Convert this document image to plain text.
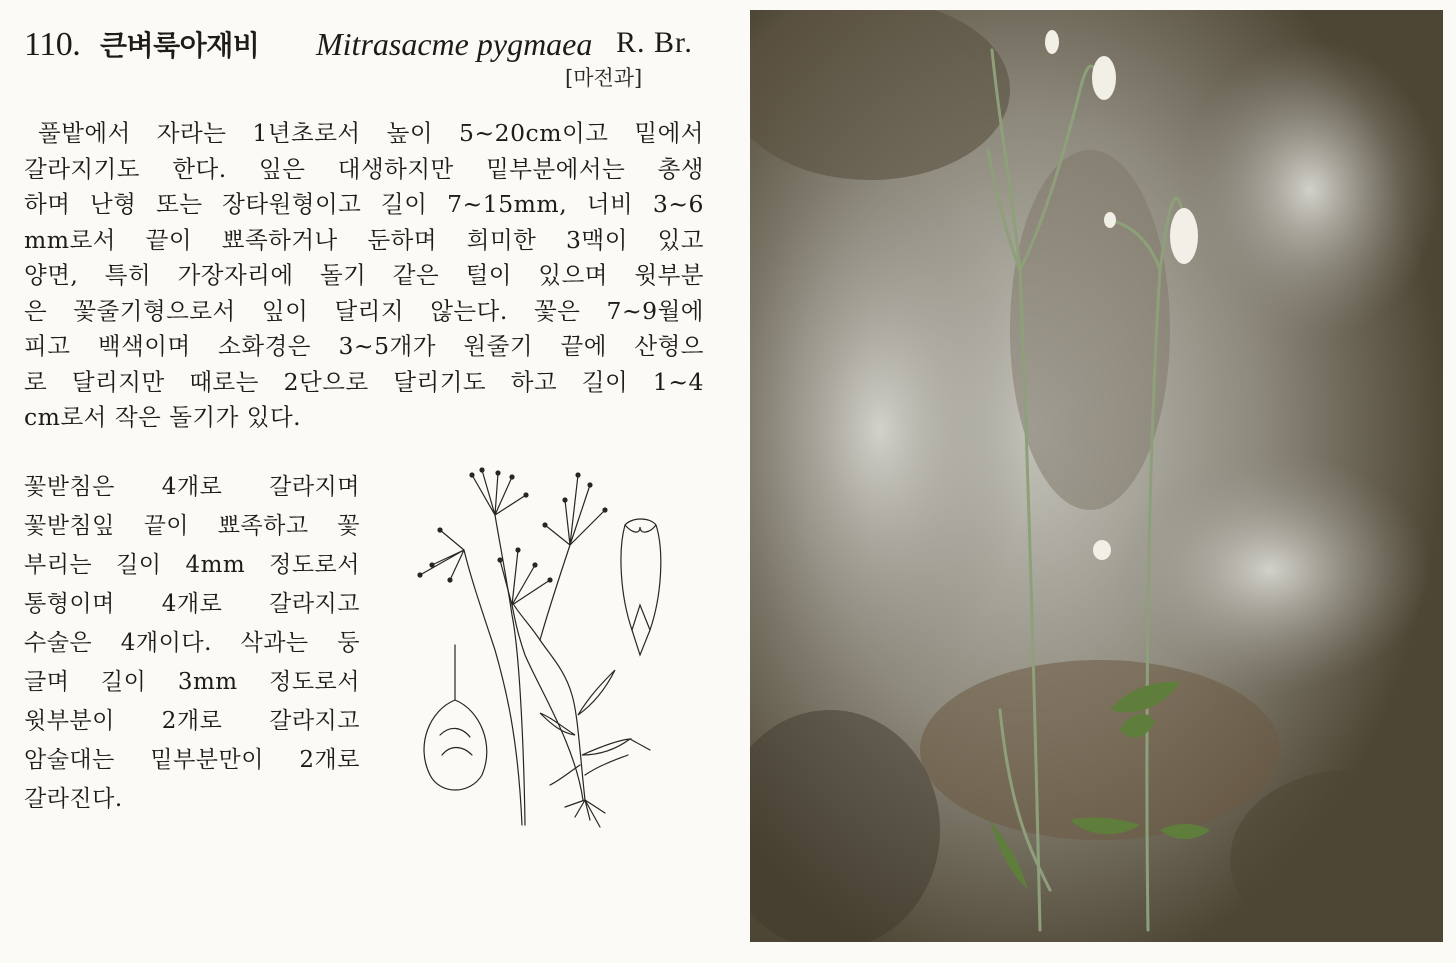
110. 큰벼룩아재비 Mitrasacme pygmaea R. Br.
[마전과]
풀밭에서 자라는 1년초로서 높이 5~20cm이고 밑에서
갈라지기도 한다. 잎은 대생하지만 밑부분에서는 총생
하며 난형 또는 장타원형이고 길이 7~15mm, 너비 3~6
mm로서 끝이 뾰족하거나 둔하며 희미한 3맥이 있고
양면, 특히 가장자리에 돌기 같은 털이 있으며 윗부분
은 꽃줄기형으로서 잎이 달리지 않는다. 꽃은 7~9월에
피고 백색이며 소화경은 3~5개가 원줄기 끝에 산형으
로 달리지만 때로는 2단으로 달리기도 하고 길이 1~4
cm로서 작은 돌기가 있다.
꽃받침은 4개로 갈라지며
꽃받침잎 끝이 뾰족하고 꽃
부리는 길이 4mm 정도로서
통형이며 4개로 갈라지고
수술은 4개이다. 삭과는 둥
글며 길이 3mm 정도로서
윗부분이 2개로 갈라지고
암술대는 밑부분만이 2개로
갈라진다.
